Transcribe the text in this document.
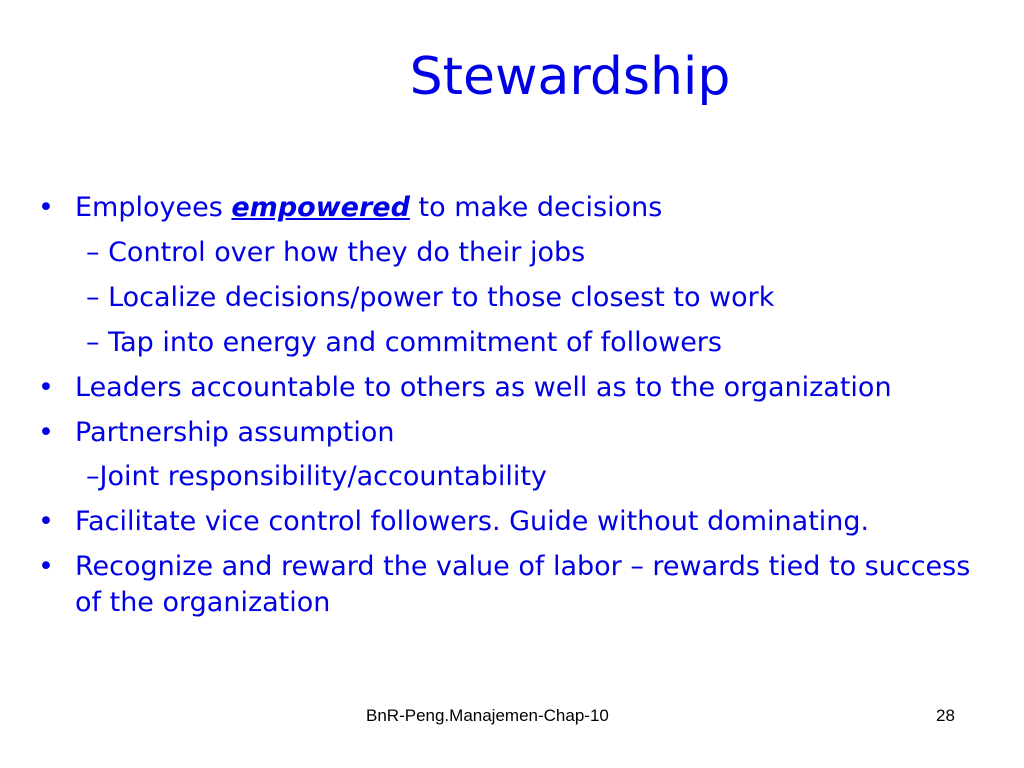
Stewardship
• Employees empowered to make decisions
– Control over how they do their jobs
– Localize decisions/power to those closest to work
– Tap into energy and commitment of followers
• Leaders accountable to others as well as to the organization
• Partnership assumption
–Joint responsibility/accountability
• Facilitate vice control followers. Guide without dominating.
• Recognize and reward the value of labor – rewards tied to success of the organization
BnR-Peng.Manajemen-Chap-10	28
